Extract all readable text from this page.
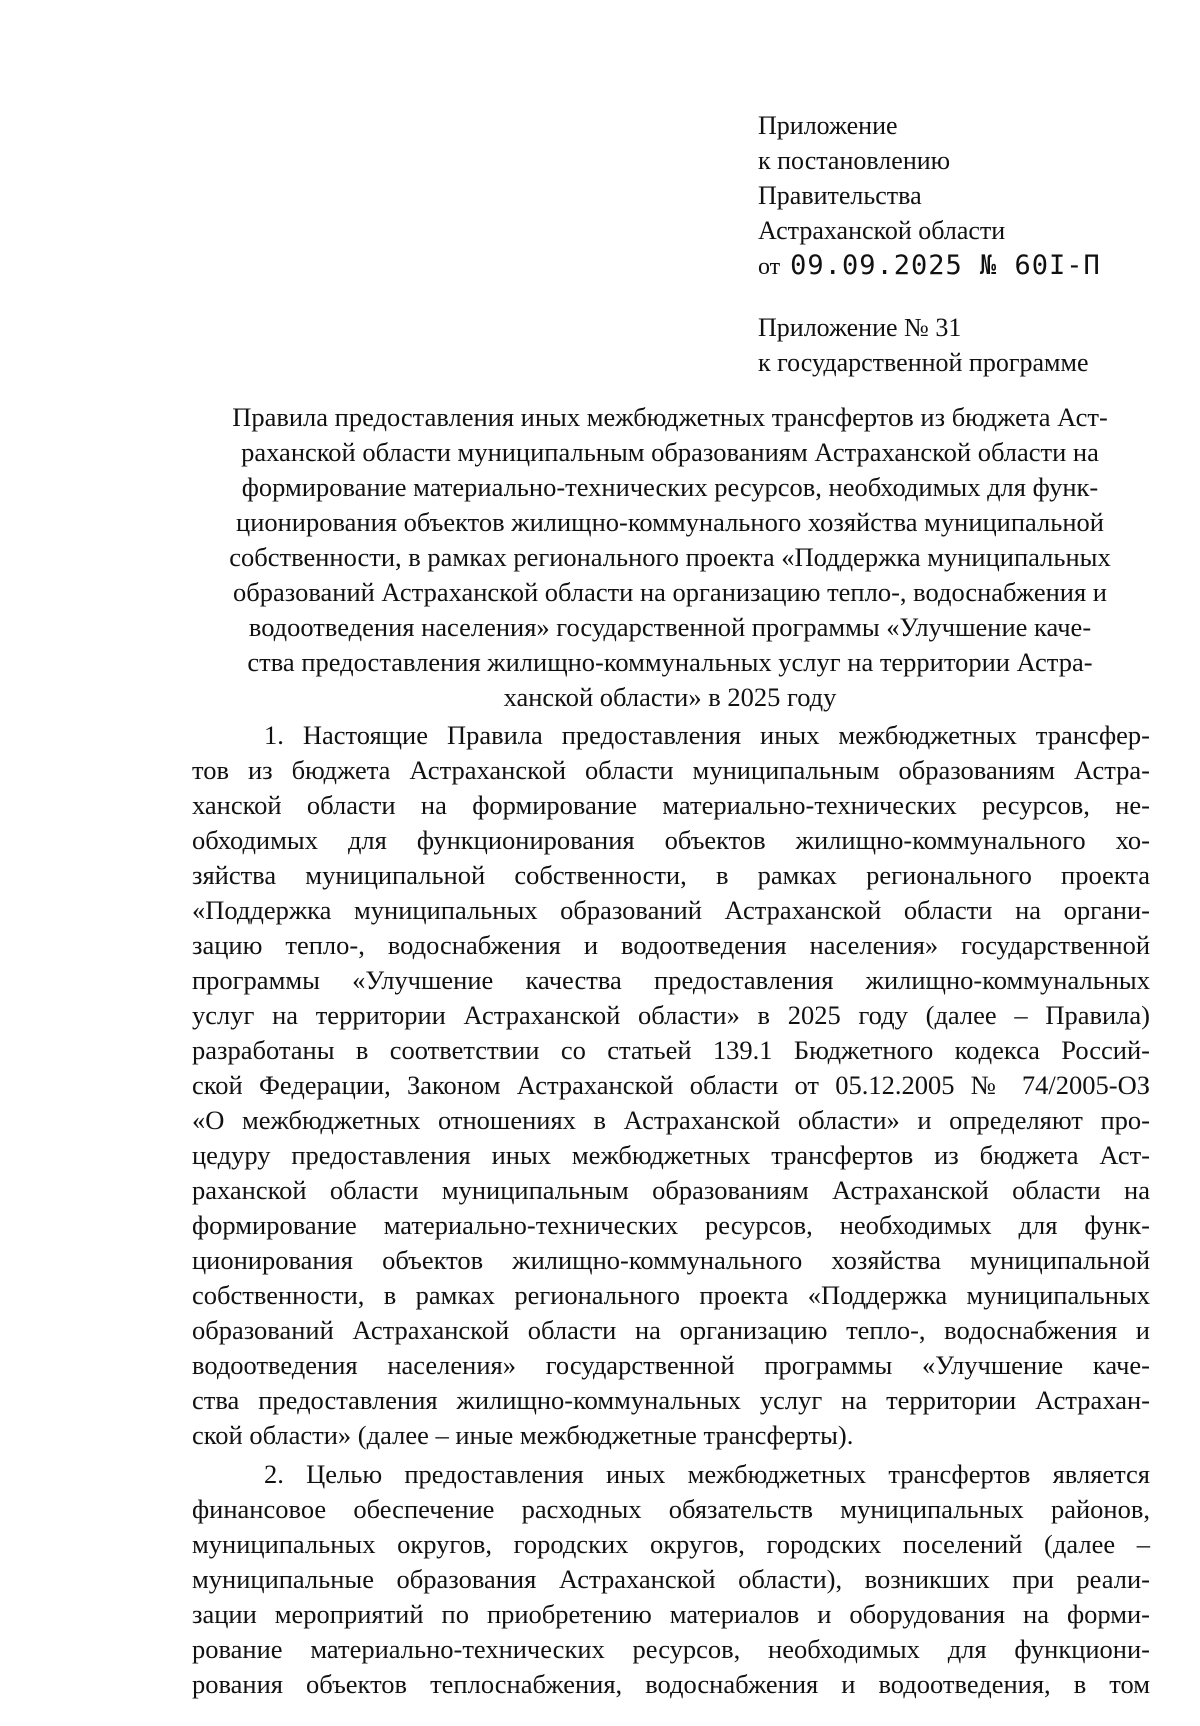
Приложение
к постановлению
Правительства
Астраханской области
от 09.09.2025 № 60I-П
Приложение № 31
к государственной программе
Правила предоставления иных межбюджетных трансфертов из бюджета Аст-
раханской области муниципальным образованиям Астраханской области на
формирование материально-технических ресурсов, необходимых для функ-
ционирования объектов жилищно-коммунального хозяйства муниципальной
собственности, в рамках регионального проекта «Поддержка муниципальных
образований Астраханской области на организацию тепло-, водоснабжения и
водоотведения населения» государственной программы «Улучшение каче-
ства предоставления жилищно-коммунальных услуг на территории Астра-
ханской области» в 2025 году
1. Настоящие Правила предоставления иных межбюджетных трансфер-
тов из бюджета Астраханской области муниципальным образованиям Астра-
ханской области на формирование материально-технических ресурсов, не-
обходимых для функционирования объектов жилищно-коммунального хо-
зяйства муниципальной собственности, в рамках регионального проекта
«Поддержка муниципальных образований Астраханской области на органи-
зацию тепло-, водоснабжения и водоотведения населения» государственной
программы «Улучшение качества предоставления жилищно-коммунальных
услуг на территории Астраханской области» в 2025 году (далее – Правила)
разработаны в соответствии со статьей 139.1 Бюджетного кодекса Россий-
ской Федерации, Законом Астраханской области от 05.12.2005 № 74/2005-ОЗ
«О межбюджетных отношениях в Астраханской области» и определяют про-
цедуру предоставления иных межбюджетных трансфертов из бюджета Аст-
раханской области муниципальным образованиям Астраханской области на
формирование материально-технических ресурсов, необходимых для функ-
ционирования объектов жилищно-коммунального хозяйства муниципальной
собственности, в рамках регионального проекта «Поддержка муниципальных
образований Астраханской области на организацию тепло-, водоснабжения и
водоотведения населения» государственной программы «Улучшение каче-
ства предоставления жилищно-коммунальных услуг на территории Астрахан-
ской области» (далее – иные межбюджетные трансферты).
2. Целью предоставления иных межбюджетных трансфертов является
финансовое обеспечение расходных обязательств муниципальных районов,
муниципальных округов, городских округов, городских поселений (далее –
муниципальные образования Астраханской области), возникших при реали-
зации мероприятий по приобретению материалов и оборудования на форми-
рование материально-технических ресурсов, необходимых для функциони-
рования объектов теплоснабжения, водоснабжения и водоотведения, в том
